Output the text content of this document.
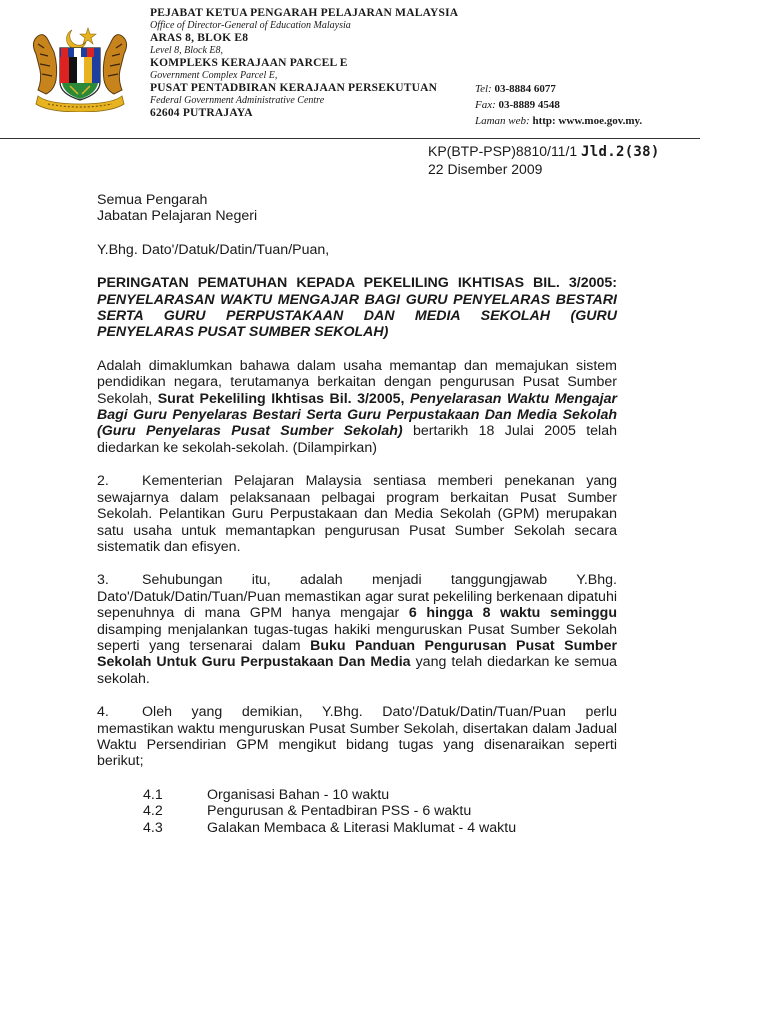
PEJABAT KETUA PENGARAH PELAJARAN MALAYSIA
Office of Director-General of Education Malaysia
ARAS 8, BLOK E8
Level 8, Block E8,
KOMPLEKS KERAJAAN PARCEL E
Government Complex Parcel E,
PUSAT PENTADBIRAN KERAJAAN PERSEKUTUAN
Federal Government Administrative Centre
62604 PUTRAJAYA
Tel: 03-8884 6077
Fax: 03-8889 4548
Laman web: http: www.moe.gov.my.
KP(BTP-PSP)8810/11/1 Jld.2(38)
22 Disember 2009
Semua Pengarah
Jabatan Pelajaran Negeri
Y.Bhg. Dato'/Datuk/Datin/Tuan/Puan,
PERINGATAN PEMATUHAN KEPADA PEKELILING IKHTISAS BIL. 3/2005: PENYELARASAN WAKTU MENGAJAR BAGI GURU PENYELARAS BESTARI SERTA GURU PERPUSTAKAAN DAN MEDIA SEKOLAH (GURU PENYELARAS PUSAT SUMBER SEKOLAH)

Adalah dimaklumkan bahawa dalam usaha memantap dan memajukan sistem pendidikan negara, terutamanya berkaitan dengan pengurusan Pusat Sumber Sekolah, Surat Pekeliling Ikhtisas Bil. 3/2005, Penyelarasan Waktu Mengajar Bagi Guru Penyelaras Bestari Serta Guru Perpustakaan Dan Media Sekolah (Guru Penyelaras Pusat Sumber Sekolah) bertarikh 18 Julai 2005 telah diedarkan ke sekolah-sekolah. (Dilampirkan)

2. Kementerian Pelajaran Malaysia sentiasa memberi penekanan yang sewajarnya dalam pelaksanaan pelbagai program berkaitan Pusat Sumber Sekolah. Pelantikan Guru Perpustakaan dan Media Sekolah (GPM) merupakan satu usaha untuk memantapkan pengurusan Pusat Sumber Sekolah secara sistematik dan efisyen.

3. Sehubungan itu, adalah menjadi tanggungjawab Y.Bhg. Dato'/Datuk/Datin/Tuan/Puan memastikan agar surat pekeliling berkenaan dipatuhi sepenuhnya di mana GPM hanya mengajar 6 hingga 8 waktu seminggu disamping menjalankan tugas-tugas hakiki menguruskan Pusat Sumber Sekolah seperti yang tersenarai dalam Buku Panduan Pengurusan Pusat Sumber Sekolah Untuk Guru Perpustakaan Dan Media yang telah diedarkan ke semua sekolah.

4. Oleh yang demikian, Y.Bhg. Dato'/Datuk/Datin/Tuan/Puan perlu memastikan waktu menguruskan Pusat Sumber Sekolah, disertakan dalam Jadual Waktu Persendirian GPM mengikut bidang tugas yang disenaraikan seperti berikut;

4.1	Organisasi Bahan - 10 waktu
4.2	Pengurusan & Pentadbiran PSS - 6 waktu
4.3	Galakan Membaca & Literasi Maklumat - 4 waktu
